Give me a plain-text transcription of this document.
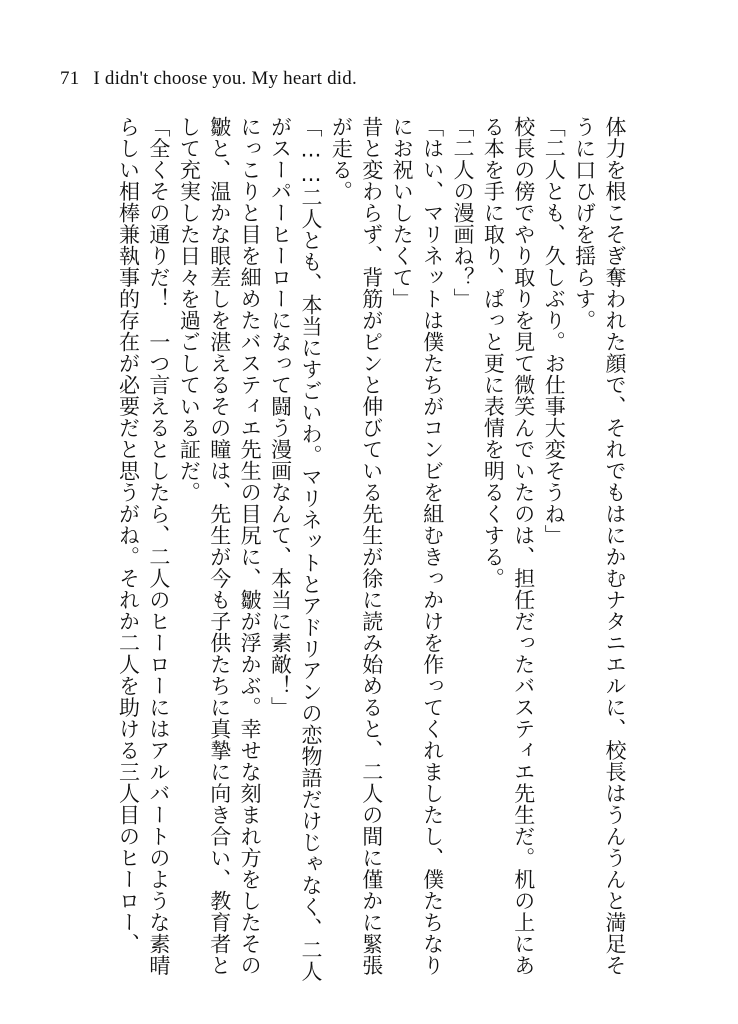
71 I didn't choose you. My heart did.

体力を根こそぎ奪われた顔で、それでもはにかむナタニエルに、校長はうんうんと満足そうに口ひげを揺らす。

「二人とも、久しぶり。お仕事大変そうね」

校長の傍でやり取りを見て微笑んでいたのは、担任だったバスティエ先生だ。机の上にある本を手に取り、ぱっと更に表情を明るくする。

「二人の漫画ね？」

「はい、マリネットは僕たちがコンビを組むきっかけを作ってくれましたし、僕たちなりにお祝いしたくて」

昔と変わらず、背筋がピンと伸びている先生が徐に読み始めると、二人の間に僅かに緊張が走る。

「……二人とも、本当にすごいわ。マリネットとアドリアンの恋物語だけじゃなく、二人がスーパーヒーローになって闘う漫画なんて、本当に素敵！」

にっこりと目を細めたバスティエ先生の目尻に、皺が浮かぶ。幸せな刻まれ方をしたその皺と、温かな眼差しを湛えるその瞳は、先生が今も子供たちに真摯に向き合い、教育者として充実した日々を過ごしている証だ。

「全くその通りだ！　一つ言えるとしたら、二人のヒーローにはアルバートのような素晴らしい相棒兼執事的存在が必要だと思うがね。それか二人を助ける三人目のヒーロー、
